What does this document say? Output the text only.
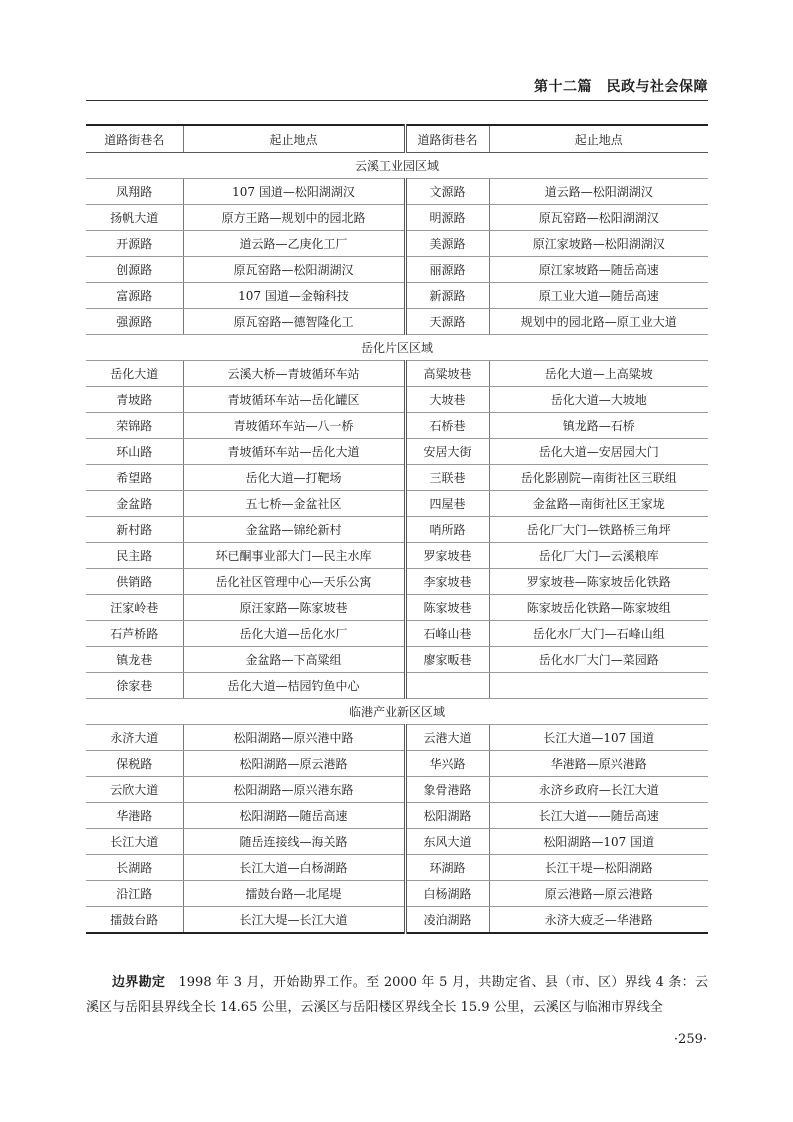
第十二篇　民政与社会保障
道路街巷名	起止地点	道路街巷名	起止地点
云溪工业园区域			
凤翔路	107 国道—松阳湖湖汉	文源路	道云路—松阳湖湖汉
扬帆大道	原方王路—规划中的园北路	明源路	原瓦窑路—松阳湖湖汉
开源路	道云路—乙庚化工厂	美源路	原江家坡路—松阳湖湖汉
创源路	原瓦窑路—松阳湖湖汉	丽源路	原江家坡路—随岳高速
富源路	107 国道—金翰科技	新源路	原工业大道—随岳高速
强源路	原瓦窑路—德智隆化工	天源路	规划中的园北路—原工业大道
岳化片区区域			
岳化大道	云溪大桥—青坡循环车站	高粱坡巷	岳化大道—上高粱坡
青坡路	青坡循环车站—岳化罐区	大坡巷	岳化大道—大坡地
荣锦路	青坡循环车站—八一桥	石桥巷	镇龙路—石桥
环山路	青坡循环车站—岳化大道	安居大街	岳化大道—安居园大门
希望路	岳化大道—打靶场	三联巷	岳化影剧院—南街社区三联组
金盆路	五七桥—金盆社区	四屋巷	金盆路—南街社区王家垅
新村路	金盆路—锦纶新村	哨所路	岳化厂大门—铁路桥三角坪
民主路	环已酮事业部大门—民主水库	罗家坡巷	岳化厂大门—云溪粮库
供销路	岳化社区管理中心—天乐公寓	李家坡巷	罗家坡巷—陈家坡岳化铁路
汪家岭巷	原汪家路—陈家坡巷	陈家坡巷	陈家坡岳化铁路—陈家坡组
石芦桥路	岳化大道—岳化水厂	石峰山巷	岳化水厂大门—石峰山组
镇龙巷	金盆路—下高粱组	廖家畈巷	岳化水厂大门—菜园路
徐家巷	岳化大道—桔园钓鱼中心		
临港产业新区区域			
永济大道	松阳湖路—原兴港中路	云港大道	长江大道—107 国道
保税路	松阳湖路—原云港路	华兴路	华港路—原兴港路
云欣大道	松阳湖路—原兴港东路	象骨港路	永济乡政府—长江大道
华港路	松阳湖路—随岳高速	松阳湖路	长江大道——随岳高速
长江大道	随岳连接线—海关路	东风大道	松阳湖路—107 国道
长湖路	长江大道—白杨湖路	环湖路	长江干堤—松阳湖路
沿江路	擂鼓台路—北尾堤	白杨湖路	原云港路—原云港路
擂鼓台路	长江大堤—长江大道	凌泊湖路	永济大疲乏—华港路

边界勘定　1998 年 3 月，开始勘界工作。至 2000 年 5 月，共勘定省、县（市、区）界线 4 条：云溪区与岳阳县界线全长 14.65 公里，云溪区与岳阳楼区界线全长 15.9 公里，云溪区与临湘市界线全

·259·
